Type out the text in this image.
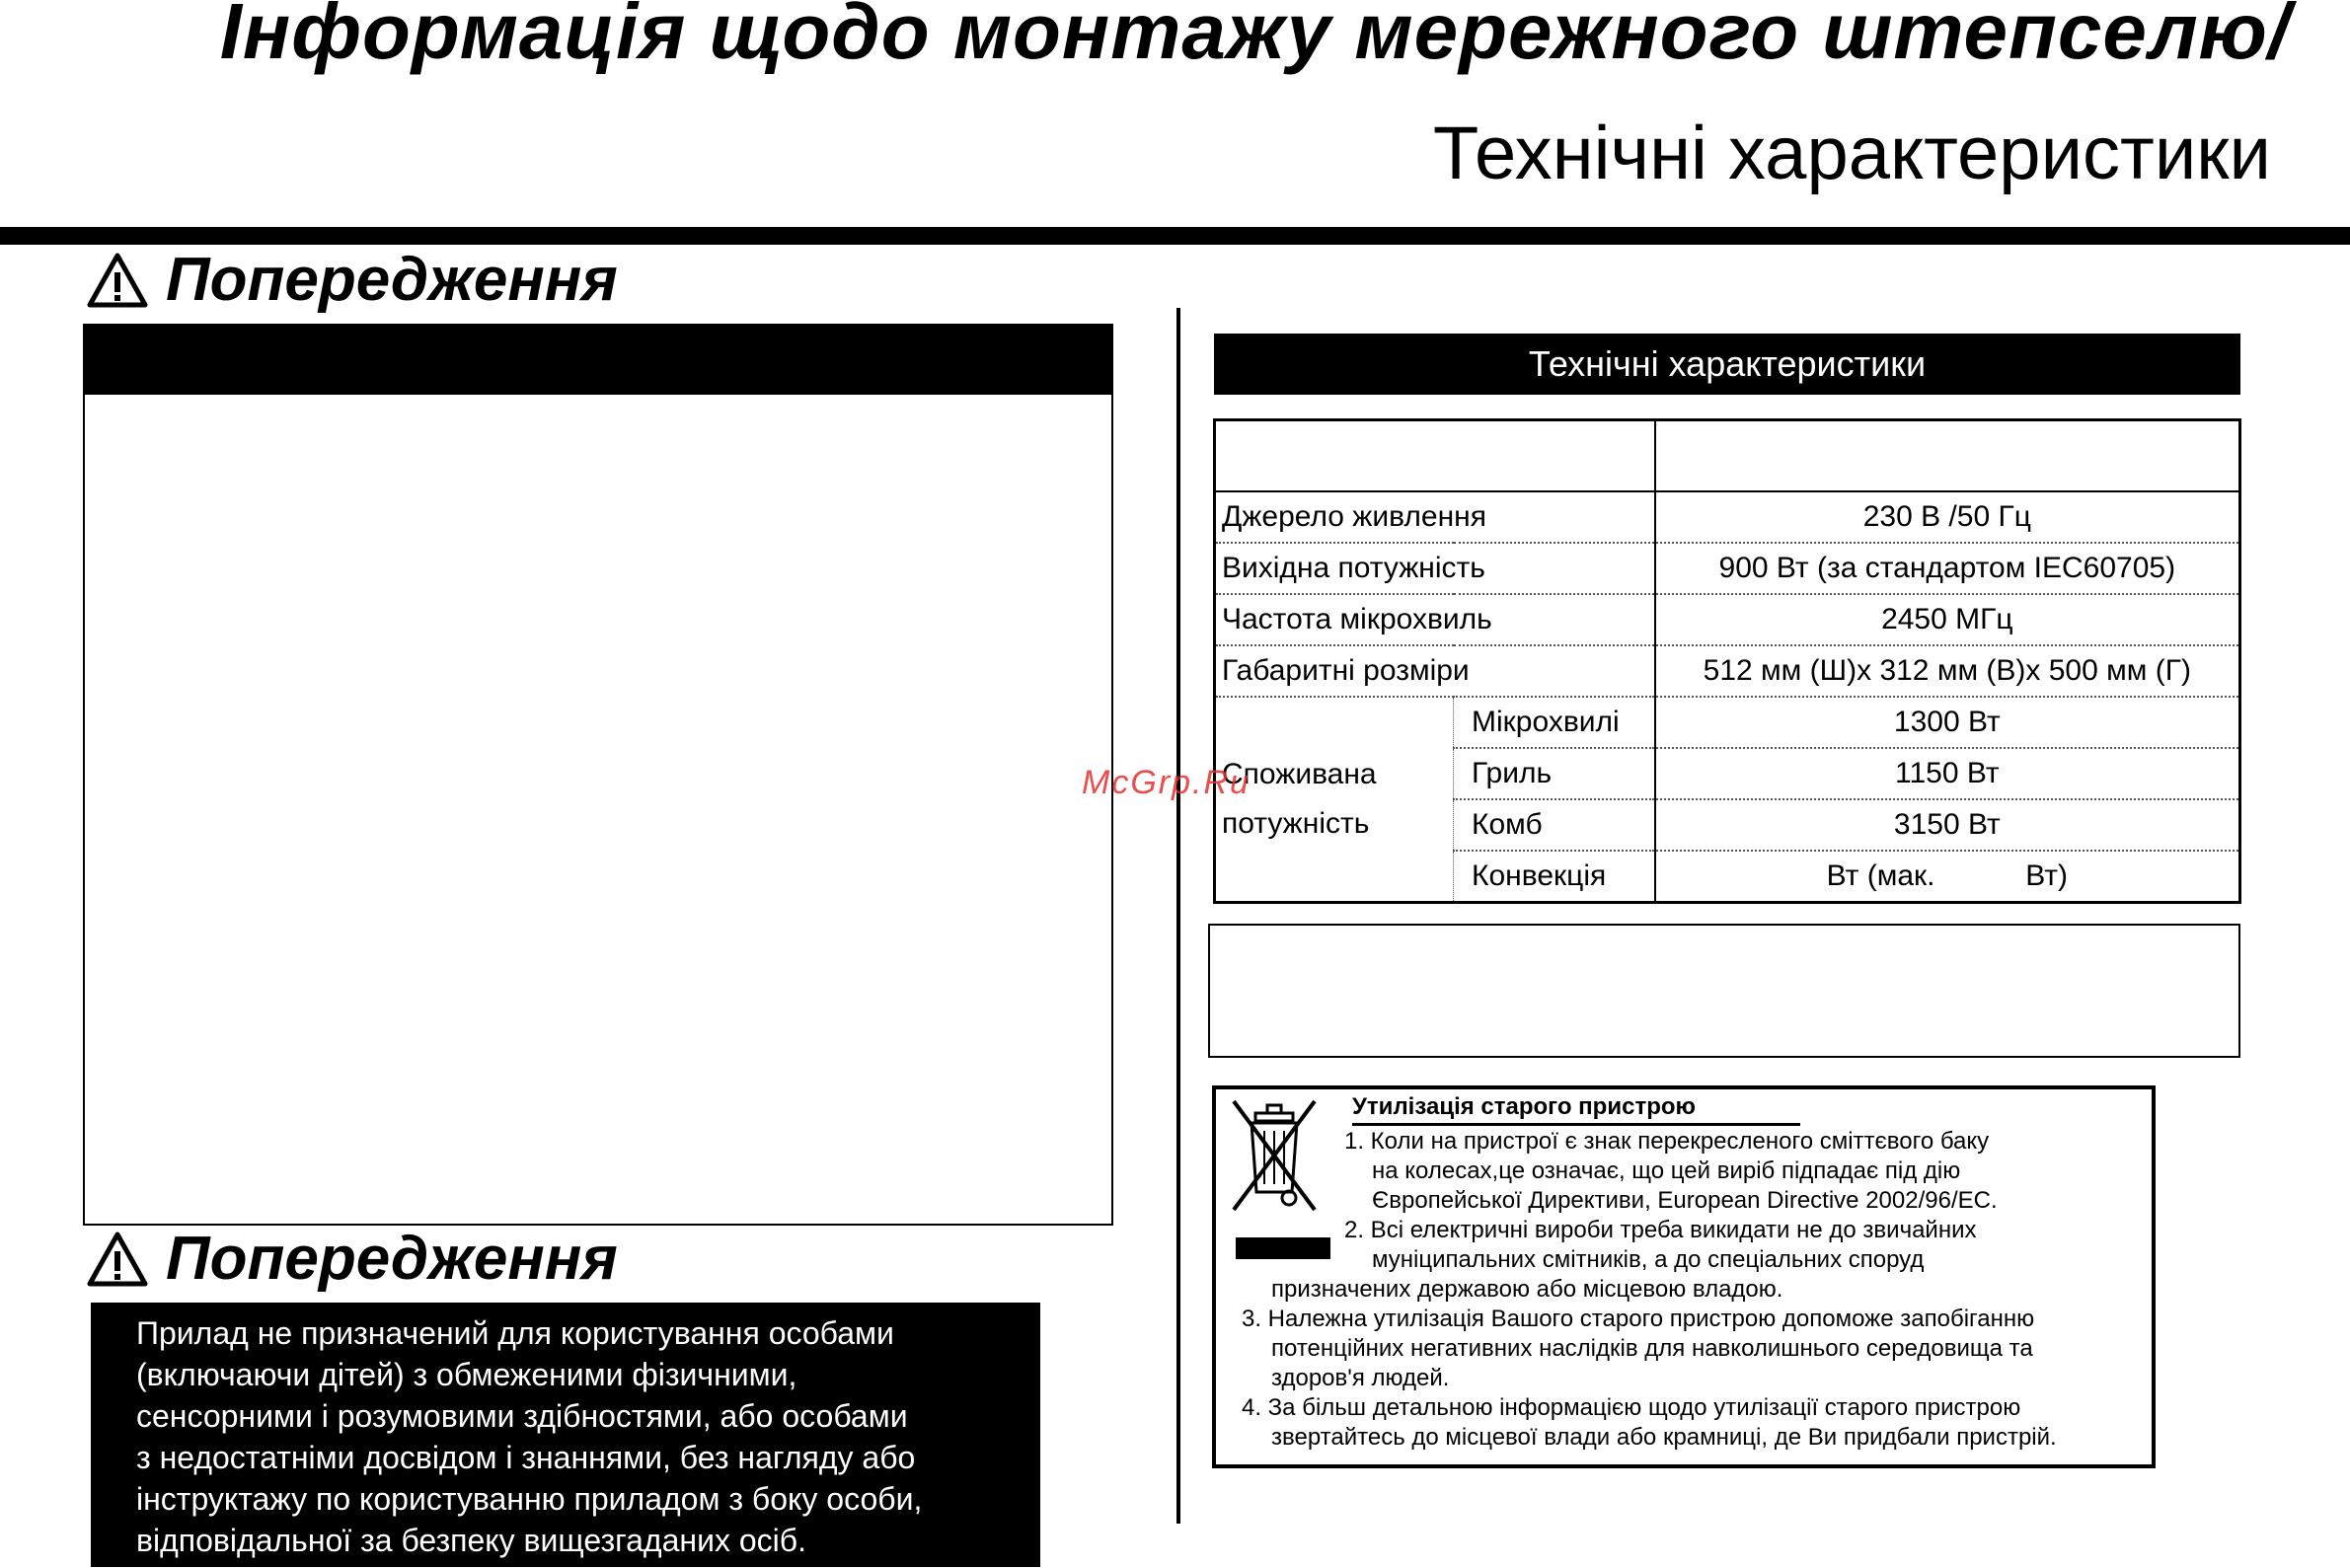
Інформація щодо монтажу мережного штепселю/
Технічні характеристики
Попередження
Попередження
Прилад не призначений для користування особами
(включаючи дітей) з обмеженими фізичними,
сенсорними і розумовими здібностями, або особами
з недостатніми досвідом і знаннями, без нагляду або
інструктажу по користуванню приладом з боку особи,
відповідальної за безпеку вищезгаданих осіб.
Технічні характеристики

Джерело живлення		230 В /50 Гц
Вихідна потужність		900 Вт (за стандартом IEC60705)
Частота мікрохвиль		2450 МГц
Габаритні розміри		512 мм (Ш)x 312 мм (В)x 500 мм (Г)

Споживана
потужність	Мікрохвилі	1300 Вт
	Гриль	1150 Вт
	Комб	3150 Вт
	Конвекція	Вт (мак.           Вт)
Утилізація старого пристрою
1. Коли на пристрої є знак перекресленого сміттєвого баку
на колесах,це означає, що цей виріб підпадає під дію
Європейської Директиви, European Directive 2002/96/EC.
2. Всі електричні вироби треба викидати не до звичайних
муніципальних смітників, а до спеціальних споруд
призначених державою або місцевою владою.
3. Належна утилізація Вашого старого пристрою допоможе запобіганню
потенційних негативних наслідків для навколишнього середовища та
здоров'я людей.
4. За більш детальною інформацією щодо утилізації старого пристрою
звертайтесь до місцевої влади або крамниці, де Ви придбали пристрій.
McGrp.Ru
